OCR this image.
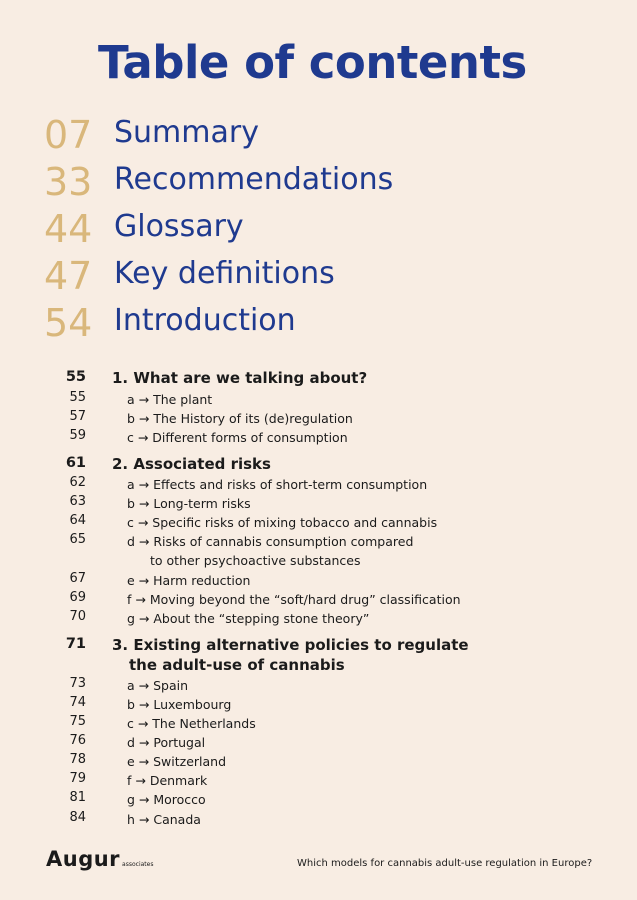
Table of contents
07 Summary
33 Recommendations
44 Glossary
47 Key definitions
54 Introduction
55 1. What are we talking about?
55	a → The plant
57	b → The History of its (de)regulation
59	c → Different forms of consumption
61 2. Associated risks
62	a → Effects and risks of short-term consumption
63	b → Long-term risks
64	c → Specific risks of mixing tobacco and cannabis
65	d → Risks of cannabis consumption compared
to other psychoactive substances
67	e → Harm reduction
69	f → Moving beyond the “soft/hard drug” classification
70	g → About the “stepping stone theory”
71 3. Existing alternative policies to regulate
the adult-use of cannabis
73	a → Spain
74	b → Luxembourg
75	c → The Netherlands
76	d → Portugal
78	e → Switzerland
79	f → Denmark
81	g → Morocco
84	h → Canada
Augur associates	Which models for cannabis adult-use regulation in Europe?
